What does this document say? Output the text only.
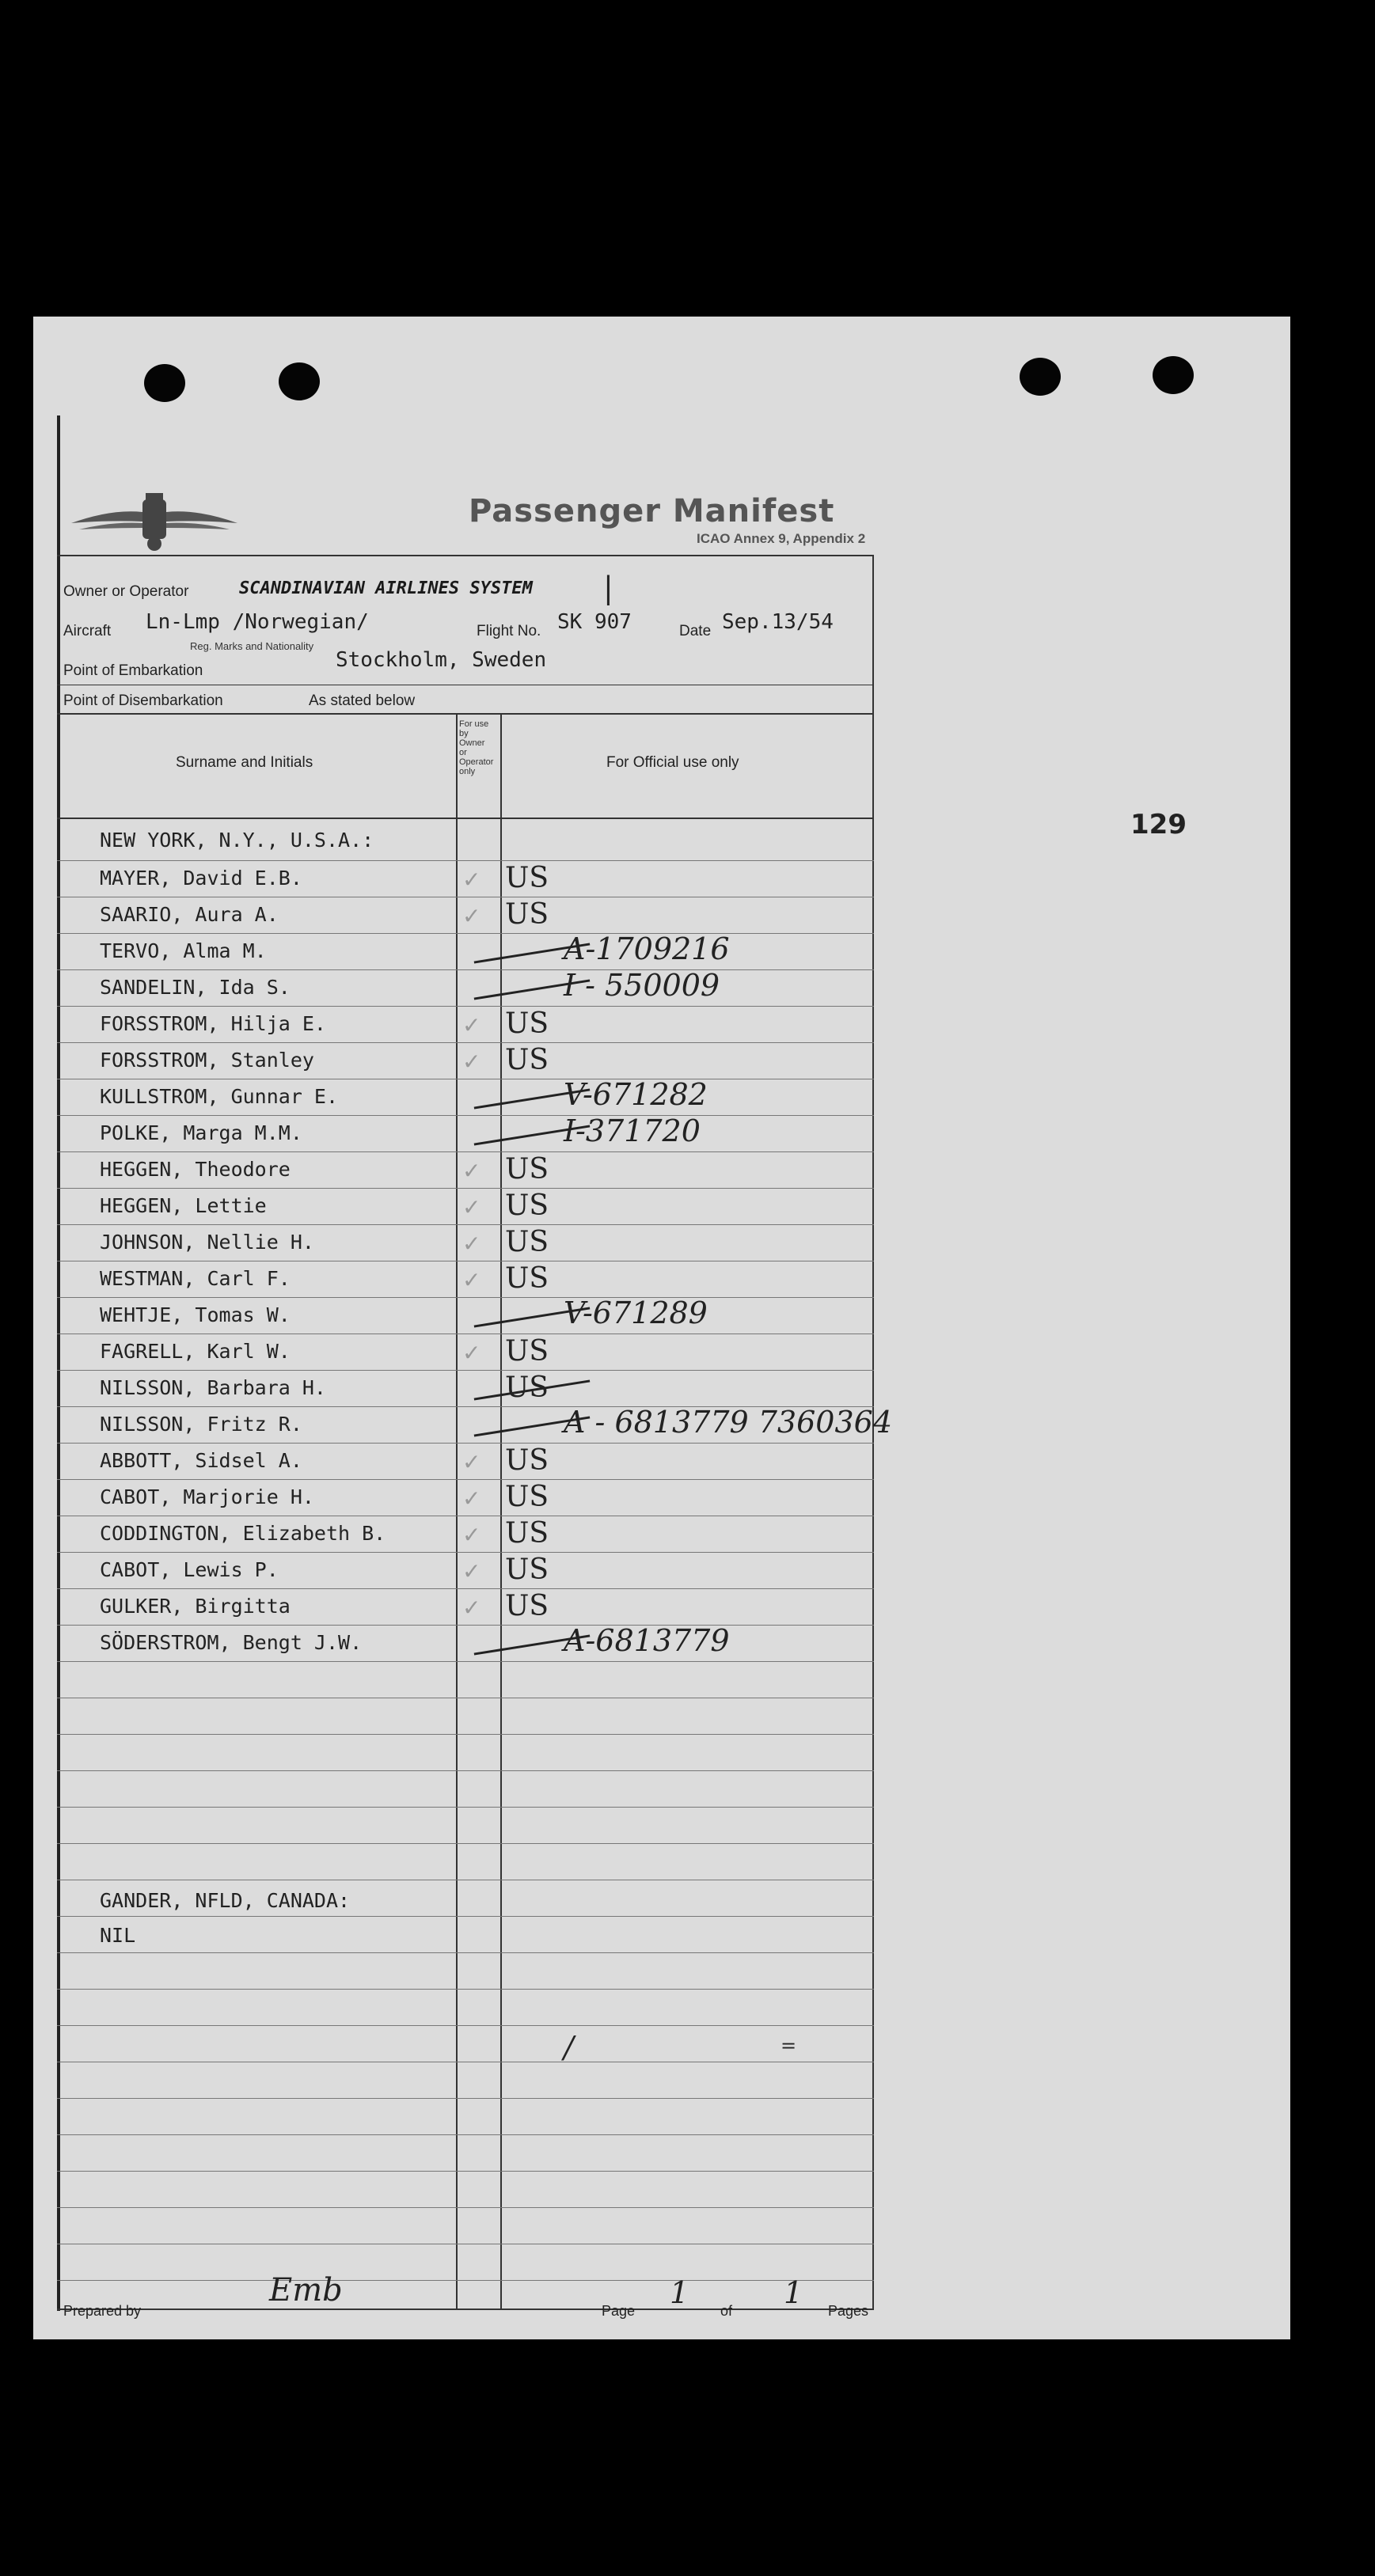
129
Passenger Manifest
ICAO Annex 9, Appendix 2
Owner or Operator	SCANDINAVIAN AIRLINES SYSTEM |
Aircraft Ln-Lmp /Norwegian/
Reg. Marks and Nationality
Flight No. SK 907	Date Sep.13/54
Point of Embarkation	Stockholm, Sweden
Point of Disembarkation	As stated below
Surname and Initials
For use by Owner or Operator only
For Official use only
NEW YORK, N.Y., U.S.A.:
MAYER, David E.B.	✓ US
SAARIO, Aura A.	✓ US
TERVO, Alma M.	A-1709216
SANDELIN, Ida S.	I - 550009
FORSSTROM, Hilja E.	✓ US
FORSSTROM, Stanley	✓ US
KULLSTROM, Gunnar E.	V-671282
POLKE, Marga M.M.	I-371720
HEGGEN, Theodore	✓ US
HEGGEN, Lettie	✓ US
JOHNSON, Nellie H.	✓ US
WESTMAN, Carl F.	✓ US
WEHTJE, Tomas W.	V-671289
FAGRELL, Karl W.	✓ US
NILSSON, Barbara H.	US
NILSSON, Fritz R.	A - 6813779 7360364
ABBOTT, Sidsel A.	✓ US
CABOT, Marjorie H.	✓ US
CODDINGTON, Elizabeth B.	✓ US
CABOT, Lewis P.	✓ US
GULKER, Birgitta	✓ US
SÖDERSTROM, Bengt J.W.	A-6813779
GANDER, NFLD, CANADA:
NIL
/	=
Prepared by
Emb
Page
1
of
1
Pages
